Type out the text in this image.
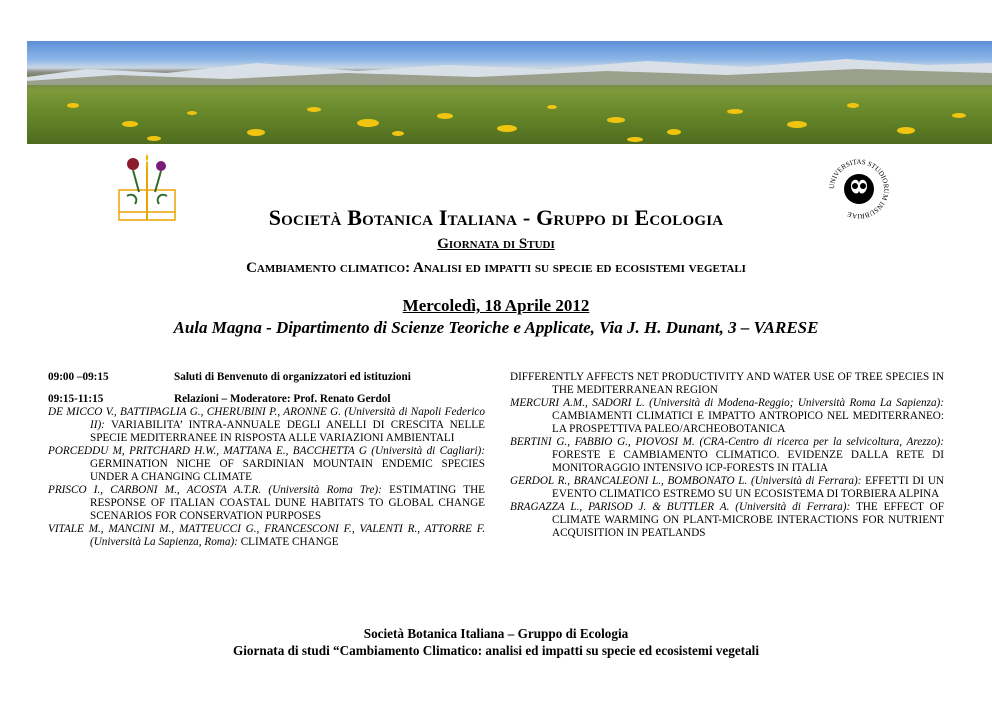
UNIVERSITAS STUDIORUM INSUBRIAE
Società Botanica Italiana - Gruppo di Ecologia
Giornata di Studi
Cambiamento climatico: Analisi ed impatti su specie ed ecosistemi vegetali
Mercoledì, 18 Aprile 2012
Aula Magna - Dipartimento di Scienze Teoriche e Applicate, Via J. H. Dunant, 3 – VARESE
09:00 –09:15	Saluti di Benvenuto di organizzatori ed istituzioni
09:15-11:15	Relazioni – Moderatore: Prof. Renato Gerdol
DE MICCO V., BATTIPAGLIA G., CHERUBINI P., ARONNE G. (Università di Napoli Federico II): VARIABILITA’ INTRA-ANNUALE DEGLI ANELLI DI CRESCITA NELLE SPECIE MEDITERRANEE IN RISPOSTA ALLE VARIAZIONI AMBIENTALI
PORCEDDU M, PRITCHARD H.W., MATTANA E., BACCHETTA G (Università di Cagliari): GERMINATION NICHE OF SARDINIAN MOUNTAIN ENDEMIC SPECIES UNDER A CHANGING CLIMATE
PRISCO I., CARBONI M., ACOSTA A.T.R. (Università Roma Tre): ESTIMATING THE RESPONSE OF ITALIAN COASTAL DUNE HABITATS TO GLOBAL CHANGE SCENARIOS FOR CONSERVATION PURPOSES
VITALE M., MANCINI M., MATTEUCCI G., FRANCESCONI F., VALENTI R., ATTORRE F. (Università La Sapienza, Roma): CLIMATE CHANGE
DIFFERENTLY AFFECTS NET PRODUCTIVITY AND WATER USE OF TREE SPECIES IN THE MEDITERRANEAN REGION
MERCURI A.M., SADORI L. (Università di Modena-Reggio; Università Roma La Sapienza): CAMBIAMENTI CLIMATICI E IMPATTO ANTROPICO NEL MEDITERRANEO: LA PROSPETTIVA PALEO/ARCHEOBOTANICA
BERTINI G., FABBIO G., PIOVOSI M. (CRA-Centro di ricerca per la selvicoltura, Arezzo): FORESTE E CAMBIAMENTO CLIMATICO. EVIDENZE DALLA RETE DI MONITORAGGIO INTENSIVO ICP-FORESTS IN ITALIA
GERDOL R., BRANCALEONI L., BOMBONATO L. (Università di Ferrara): EFFETTI DI UN EVENTO CLIMATICO ESTREMO SU UN ECOSISTEMA DI TORBIERA ALPINA
BRAGAZZA L., PARISOD J. & BUTTLER A. (Università di Ferrara): THE EFFECT OF CLIMATE WARMING ON PLANT-MICROBE INTERACTIONS FOR NUTRIENT ACQUISITION IN PEATLANDS
Società Botanica Italiana – Gruppo di Ecologia
Giornata di studi “Cambiamento Climatico: analisi ed impatti su specie ed ecosistemi vegetali
